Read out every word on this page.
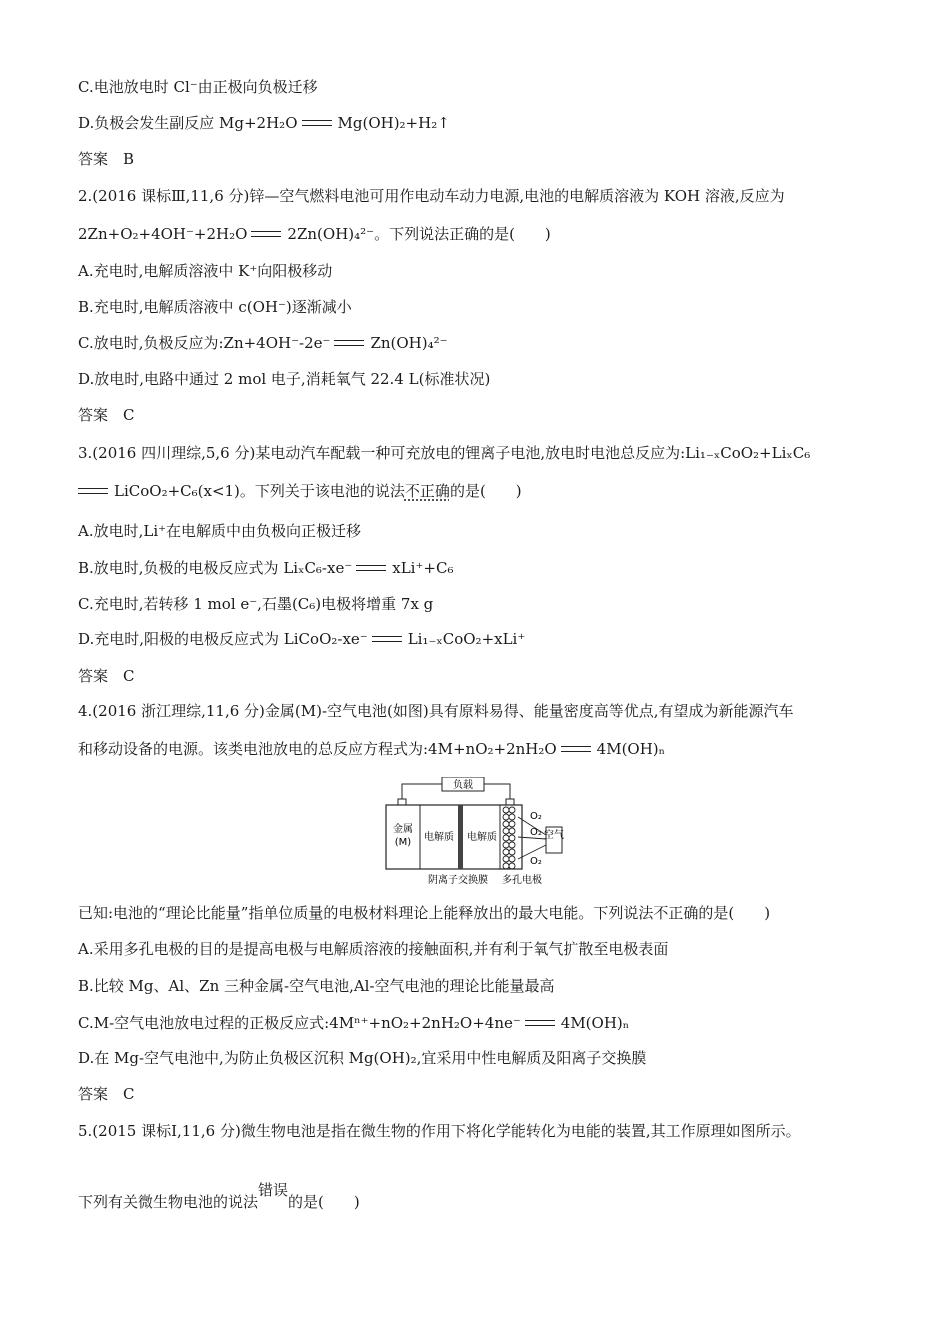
C.电池放电时 Cl⁻由正极向负极迁移
D.负极会发生副反应 Mg+2H₂O	Mg(OH)₂+H₂↑
答案　B
2.(2016 课标Ⅲ,11,6 分)锌—空气燃料电池可用作电动车动力电源,电池的电解质溶液为 KOH 溶液,反应为
2Zn+O₂+4OH⁻+2H₂O	2Zn(OH)₄²⁻。下列说法正确的是(　　)
A.充电时,电解质溶液中 K⁺向阳极移动
B.充电时,电解质溶液中 c(OH⁻)逐渐减小
C.放电时,负极反应为:Zn+4OH⁻-2e⁻	Zn(OH)₄²⁻
D.放电时,电路中通过 2 mol 电子,消耗氧气 22.4 L(标准状况)
答案　C
3.(2016 四川理综,5,6 分)某电动汽车配载一种可充放电的锂离子电池,放电时电池总反应为:Li₁₋ₓCoO₂+LiₓC₆
LiCoO₂+C₆(x<1)。下列关于该电池的说法不正确的是(　　)
A.放电时,Li⁺在电解质中由负极向正极迁移
B.放电时,负极的电极反应式为 LiₓC₆-xe⁻	xLi⁺+C₆
C.充电时,若转移 1 mol e⁻,石墨(C₆)电极将增重 7x g
D.充电时,阳极的电极反应式为 LiCoO₂-xe⁻	Li₁₋ₓCoO₂+xLi⁺
答案　C
4.(2016 浙江理综,11,6 分)金属(M)-空气电池(如图)具有原料易得、能量密度高等优点,有望成为新能源汽车
和移动设备的电源。该类电池放电的总反应方程式为:4M+nO₂+2nH₂O	4M(OH)ₙ
负载
金属
(M) 电解质 电解质	空气
O₂
O₂
O₂
阴离子交换膜 多孔电极
已知:电池的“理论比能量”指单位质量的电极材料理论上能释放出的最大电能。下列说法不正确的是(　　)
A.采用多孔电极的目的是提高电极与电解质溶液的接触面积,并有利于氧气扩散至电极表面
B.比较 Mg、Al、Zn 三种金属-空气电池,Al-空气电池的理论比能量最高
C.M-空气电池放电过程的正极反应式:4Mⁿ⁺+nO₂+2nH₂O+4ne⁻	4M(OH)ₙ
D.在 Mg-空气电池中,为防止负极区沉积 Mg(OH)₂,宜采用中性电解质及阳离子交换膜
答案　C
5.(2015 课标Ⅰ,11,6 分)微生物电池是指在微生物的作用下将化学能转化为电能的装置,其工作原理如图所示。
下列有关微生物电池的说法
错误
的是(　　)
